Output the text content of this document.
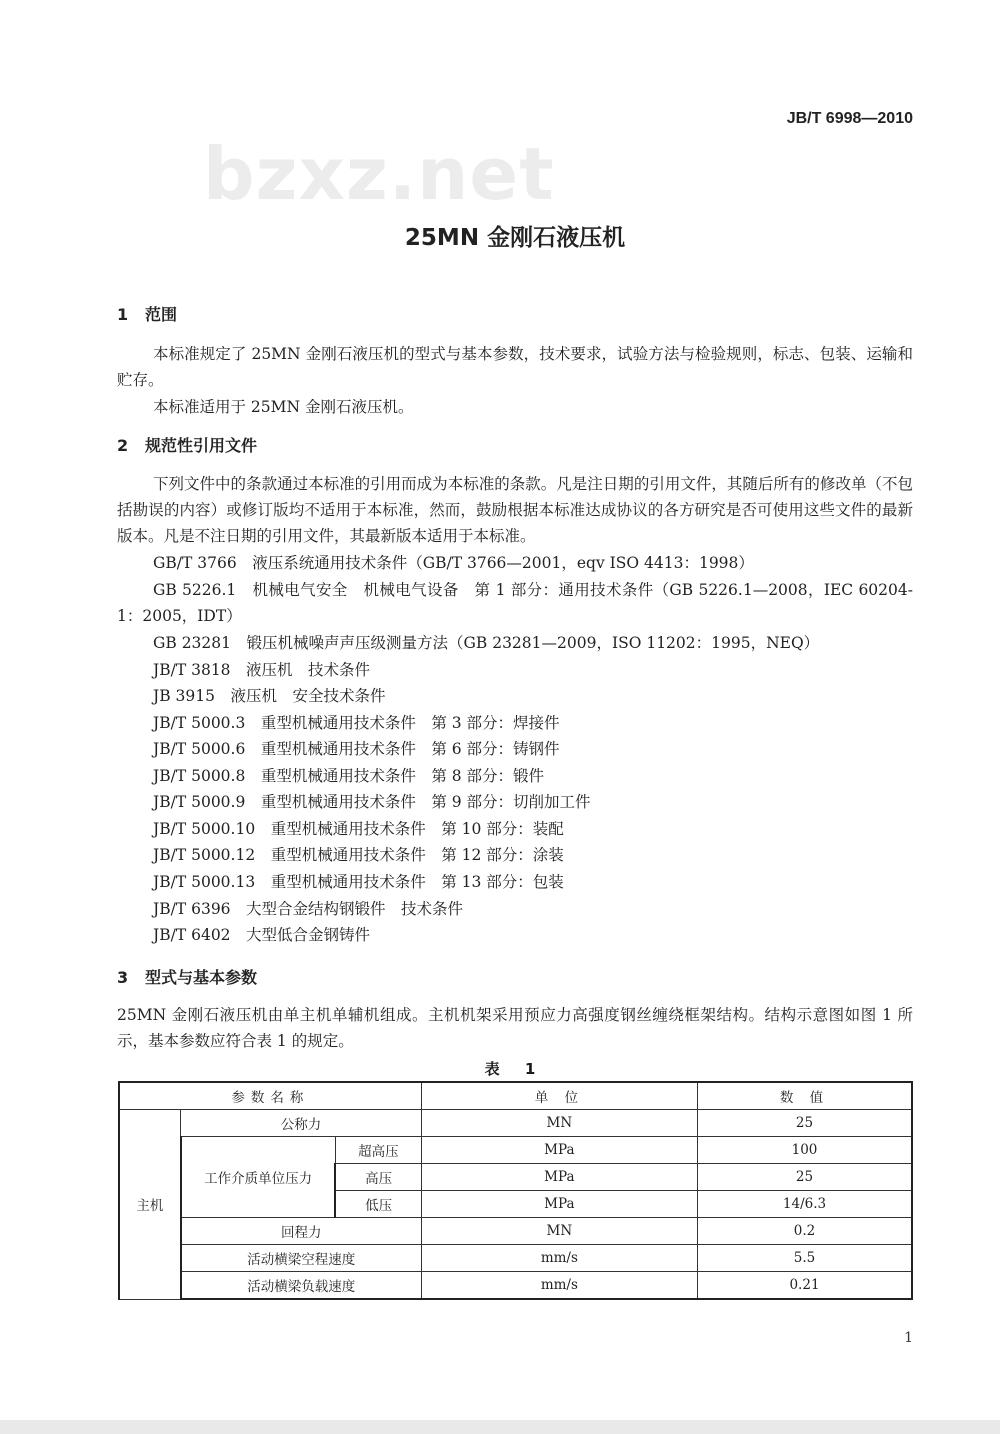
JB/T 6998—2010
bzxz.net
25MN 金刚石液压机
1 范围
本标准规定了 25MN 金刚石液压机的型式与基本参数，技术要求，试验方法与检验规则，标志、包装、运输和贮存。
本标准适用于 25MN 金刚石液压机。
2 规范性引用文件
下列文件中的条款通过本标准的引用而成为本标准的条款。凡是注日期的引用文件，其随后所有的修改单（不包括勘误的内容）或修订版均不适用于本标准，然而，鼓励根据本标准达成协议的各方研究是否可使用这些文件的最新版本。凡是不注日期的引用文件，其最新版本适用于本标准。
GB/T 3766　液压系统通用技术条件（GB/T 3766—2001，eqv ISO 4413：1998）
GB 5226.1　机械电气安全　机械电气设备　第 1 部分：通用技术条件（GB 5226.1—2008，IEC 60204-1：2005，IDT）
GB 23281　锻压机械噪声声压级测量方法（GB 23281—2009，ISO 11202：1995，NEQ）
JB/T 3818　液压机　技术条件
JB 3915　液压机　安全技术条件
JB/T 5000.3　重型机械通用技术条件　第 3 部分：焊接件
JB/T 5000.6　重型机械通用技术条件　第 6 部分：铸钢件
JB/T 5000.8　重型机械通用技术条件　第 8 部分：锻件
JB/T 5000.9　重型机械通用技术条件　第 9 部分：切削加工件
JB/T 5000.10　重型机械通用技术条件　第 10 部分：装配
JB/T 5000.12　重型机械通用技术条件　第 12 部分：涂装
JB/T 5000.13　重型机械通用技术条件　第 13 部分：包装
JB/T 6396　大型合金结构钢锻件　技术条件
JB/T 6402　大型低合金钢铸件
3 型式与基本参数
25MN 金刚石液压机由单主机单辅机组成。主机机架采用预应力高强度钢丝缠绕框架结构。结构示意图如图 1 所示，基本参数应符合表 1 的规定。
表 1
参数名称			单 位	数 值
主机	公称力		MN	25
	工作介质单位压力	超高压	MPa	100
		高压	MPa	25
		低压	MPa	14/6.3
	回程力		MN	0.2
	活动横梁空程速度		mm/s	5.5
	活动横梁负载速度		mm/s	0.21
1
